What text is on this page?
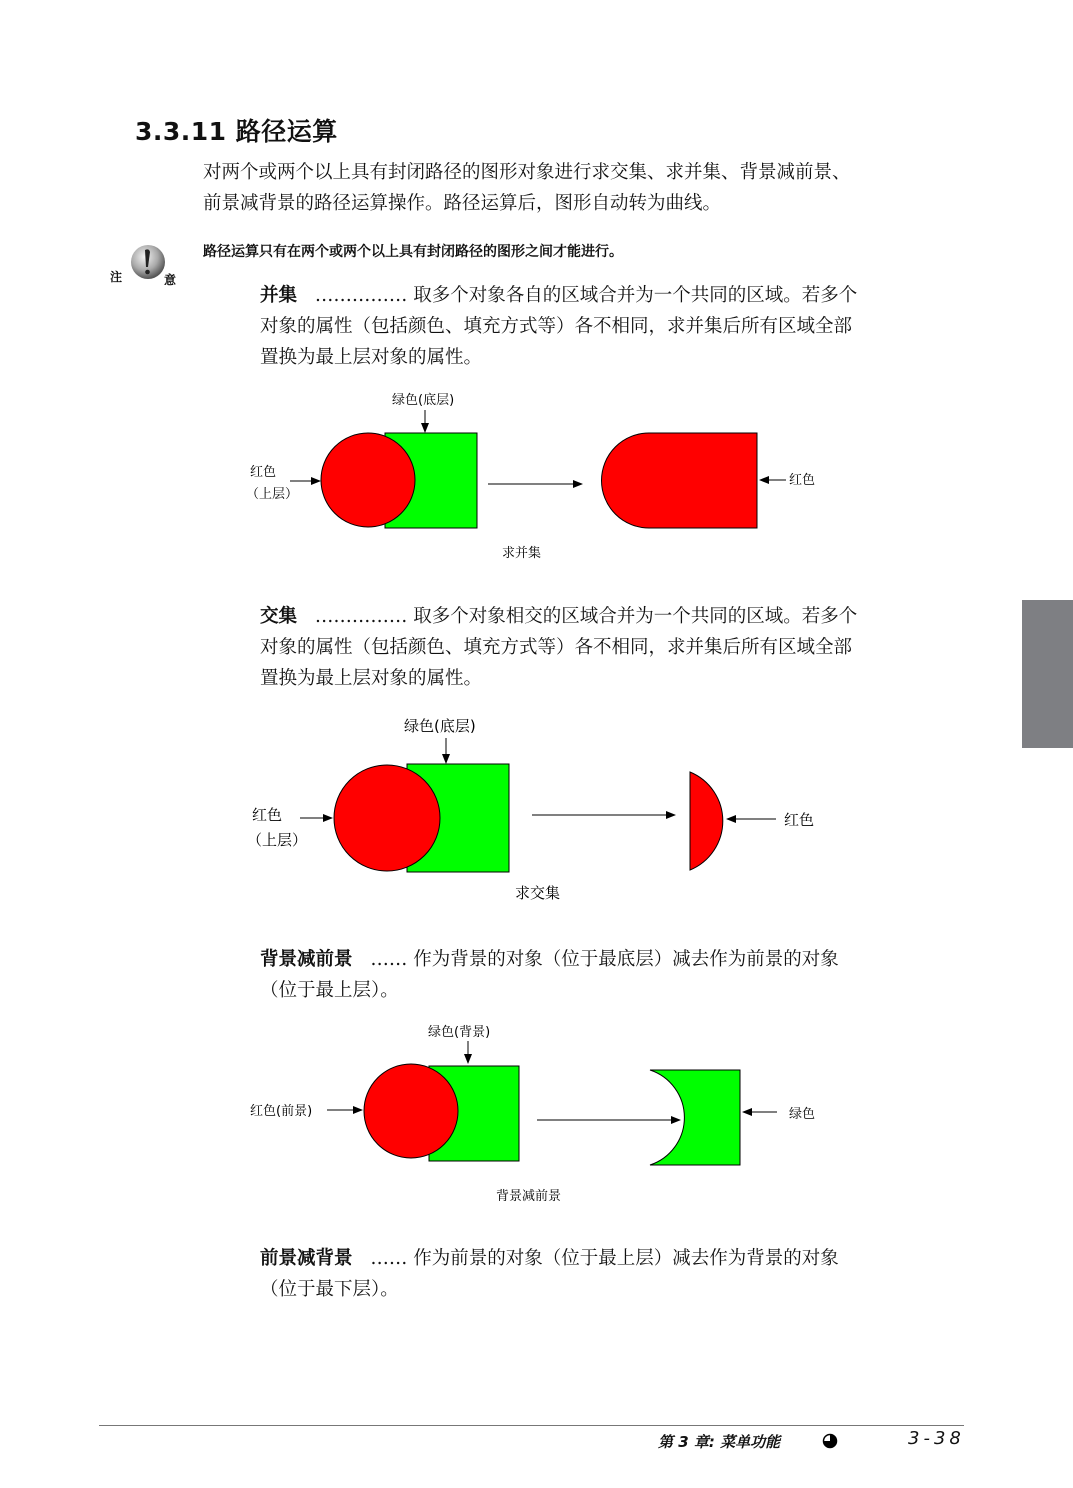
3.3.11 路径运算
对两个或两个以上具有封闭路径的图形对象进行求交集、求并集、背景减前景、
前景减背景的路径运算操作。路径运算后，图形自动转为曲线。
注	意
路径运算只有在两个或两个以上具有封闭路径的图形之间才能进行。
并集 …………… 取多个对象各自的区域合并为一个共同的区域。若多个
对象的属性（包括颜色、填充方式等）各不相同，求并集后所有区域全部
置换为最上层对象的属性。
绿色(底层)
红色
（上层）
红色
求并集
交集 …………… 取多个对象相交的区域合并为一个共同的区域。若多个
对象的属性（包括颜色、填充方式等）各不相同，求并集后所有区域全部
置换为最上层对象的属性。
绿色(底层)
红色
（上层）
红色
求交集
背景减前景 …… 作为背景的对象（位于最底层）减去作为前景的对象
（位于最上层）。
绿色(背景)
红色(前景)	绿色
背景减前景
前景减背景 …… 作为前景的对象（位于最上层）减去作为背景的对象
（位于最下层）。
第 3 章: 菜单功能	3-38
